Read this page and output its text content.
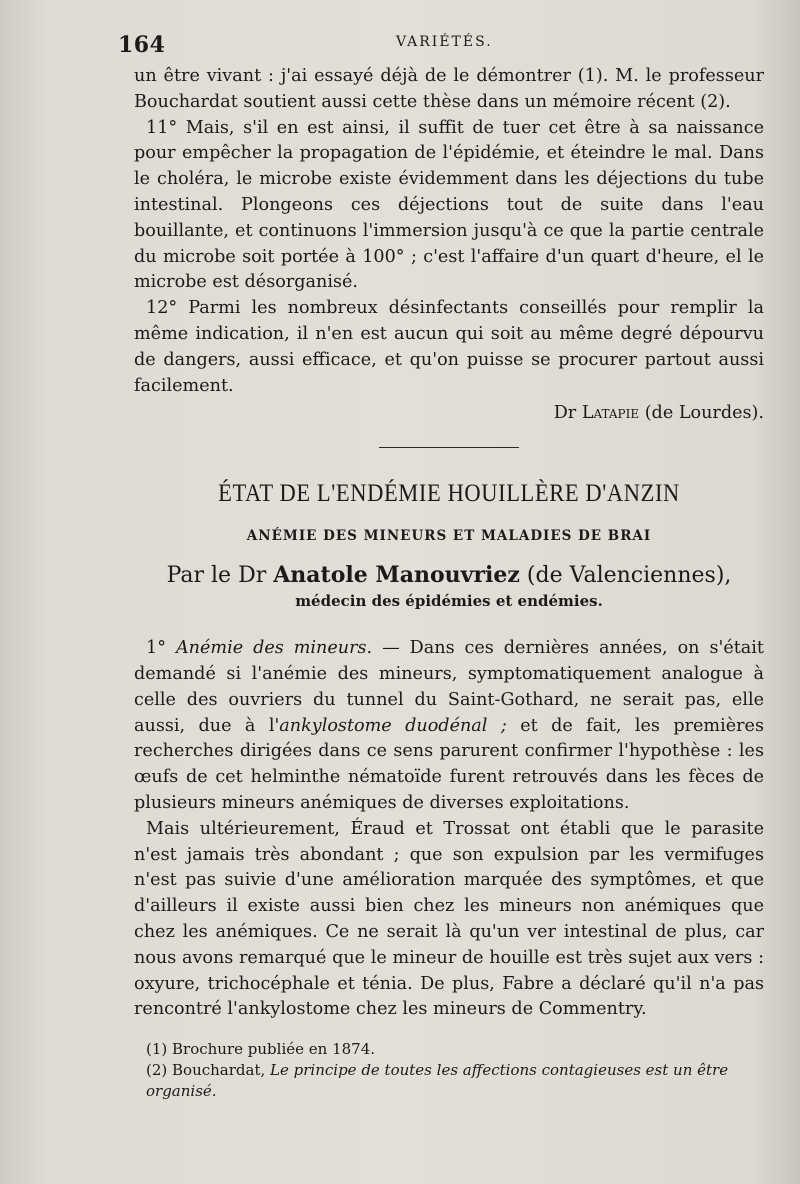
164	VARIÉTÉS.

un être vivant : j'ai essayé déjà de le démontrer (1). M. le professeur Bouchardat soutient aussi cette thèse dans un mémoire récent (2).

11° Mais, s'il en est ainsi, il suffit de tuer cet être à sa naissance pour empêcher la propagation de l'épidémie, et éteindre le mal. Dans le choléra, le microbe existe évidemment dans les déjections du tube intestinal. Plongeons ces déjections tout de suite dans l'eau bouillante, et continuons l'immersion jusqu'à ce que la partie centrale du microbe soit portée à 100° ; c'est l'affaire d'un quart d'heure, el le microbe est désorganisé.

12° Parmi les nombreux désinfectants conseillés pour remplir la même indication, il n'en est aucun qui soit au même degré dépourvu de dangers, aussi efficace, et qu'on puisse se procurer partout aussi facilement.

Dr Latapie (de Lourdes).

ÉTAT DE L'ENDÉMIE HOUILLÈRE D'ANZIN
ANÉMIE DES MINEURS ET MALADIES DE BRAI
Par le Dr Anatole Manouvriez (de Valenciennes),
médecin des épidémies et endémies.

1° Anémie des mineurs. — Dans ces dernières années, on s'était demandé si l'anémie des mineurs, symptomatiquement analogue à celle des ouvriers du tunnel du Saint-Gothard, ne serait pas, elle aussi, due à l'ankylostome duodénal ; et de fait, les premières recherches dirigées dans ce sens parurent confirmer l'hypothèse : les œufs de cet helminthe nématoïde furent retrouvés dans les fèces de plusieurs mineurs anémiques de diverses exploitations.

Mais ultérieurement, Éraud et Trossat ont établi que le parasite n'est jamais très abondant ; que son expulsion par les vermifuges n'est pas suivie d'une amélioration marquée des symptômes, et que d'ailleurs il existe aussi bien chez les mineurs non anémiques que chez les anémiques. Ce ne serait là qu'un ver intestinal de plus, car nous avons remarqué que le mineur de houille est très sujet aux vers : oxyure, trichocéphale et ténia. De plus, Fabre a déclaré qu'il n'a pas rencontré l'ankylostome chez les mineurs de Commentry.

(1) Brochure publiée en 1874.

(2) Bouchardat, Le principe de toutes les affections contagieuses est un être organisé.
